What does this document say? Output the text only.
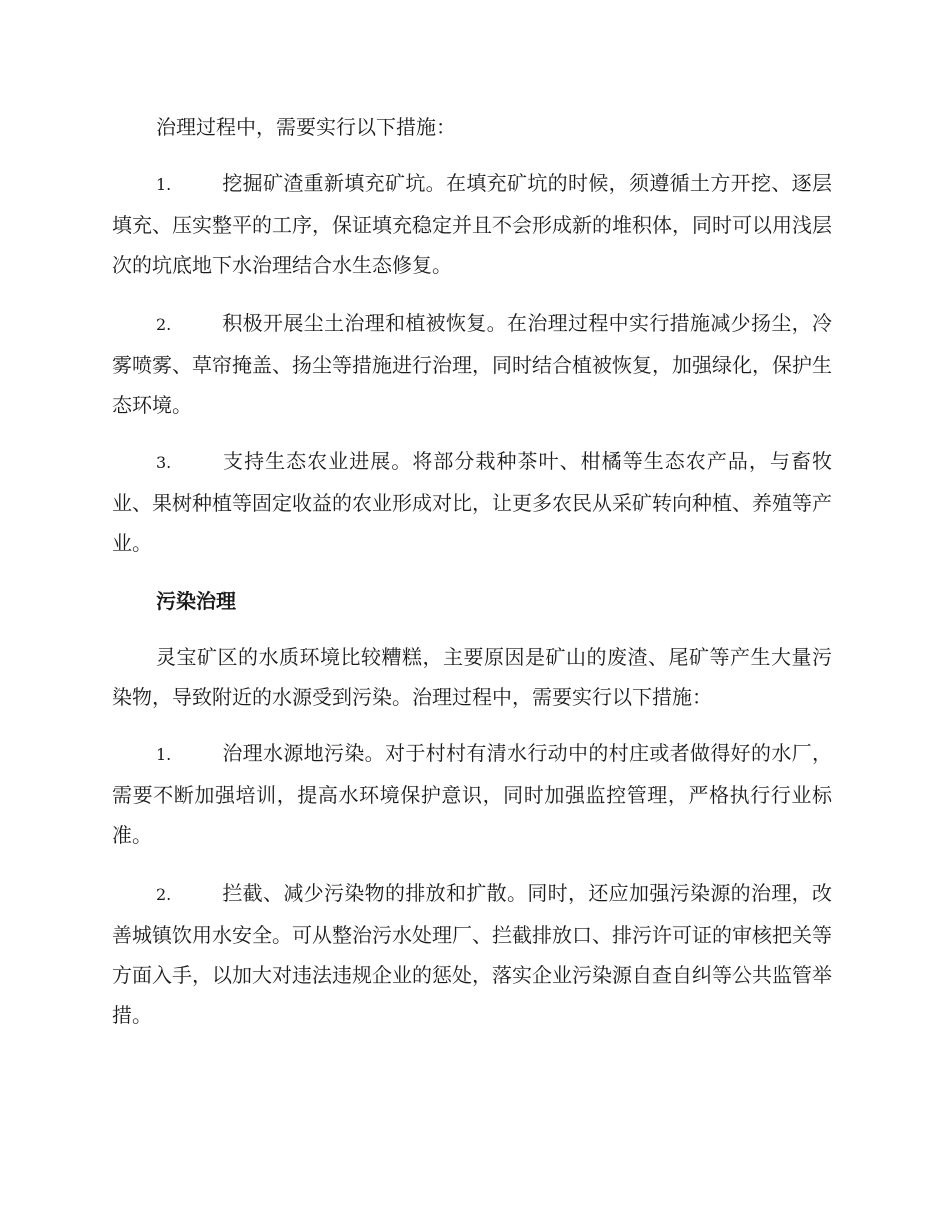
治理过程中，需要实行以下措施：

1.	挖掘矿渣重新填充矿坑。在填充矿坑的时候，须遵循土方开挖、逐层填充、压实整平的工序，保证填充稳定并且不会形成新的堆积体，同时可以用浅层次的坑底地下水治理结合水生态修复。

2.	积极开展尘土治理和植被恢复。在治理过程中实行措施减少扬尘，冷雾喷雾、草帘掩盖、扬尘等措施进行治理，同时结合植被恢复，加强绿化，保护生态环境。

3.	支持生态农业进展。将部分栽种茶叶、柑橘等生态农产品，与畜牧业、果树种植等固定收益的农业形成对比，让更多农民从采矿转向种植、养殖等产业。

污染治理

灵宝矿区的水质环境比较糟糕，主要原因是矿山的废渣、尾矿等产生大量污染物，导致附近的水源受到污染。治理过程中，需要实行以下措施：

1.	治理水源地污染。对于村村有清水行动中的村庄或者做得好的水厂，需要不断加强培训，提高水环境保护意识，同时加强监控管理，严格执行行业标准。

2.	拦截、减少污染物的排放和扩散。同时，还应加强污染源的治理，改善城镇饮用水安全。可从整治污水处理厂、拦截排放口、排污许可证的审核把关等方面入手，以加大对违法违规企业的惩处，落实企业污染源自查自纠等公共监管举措。
